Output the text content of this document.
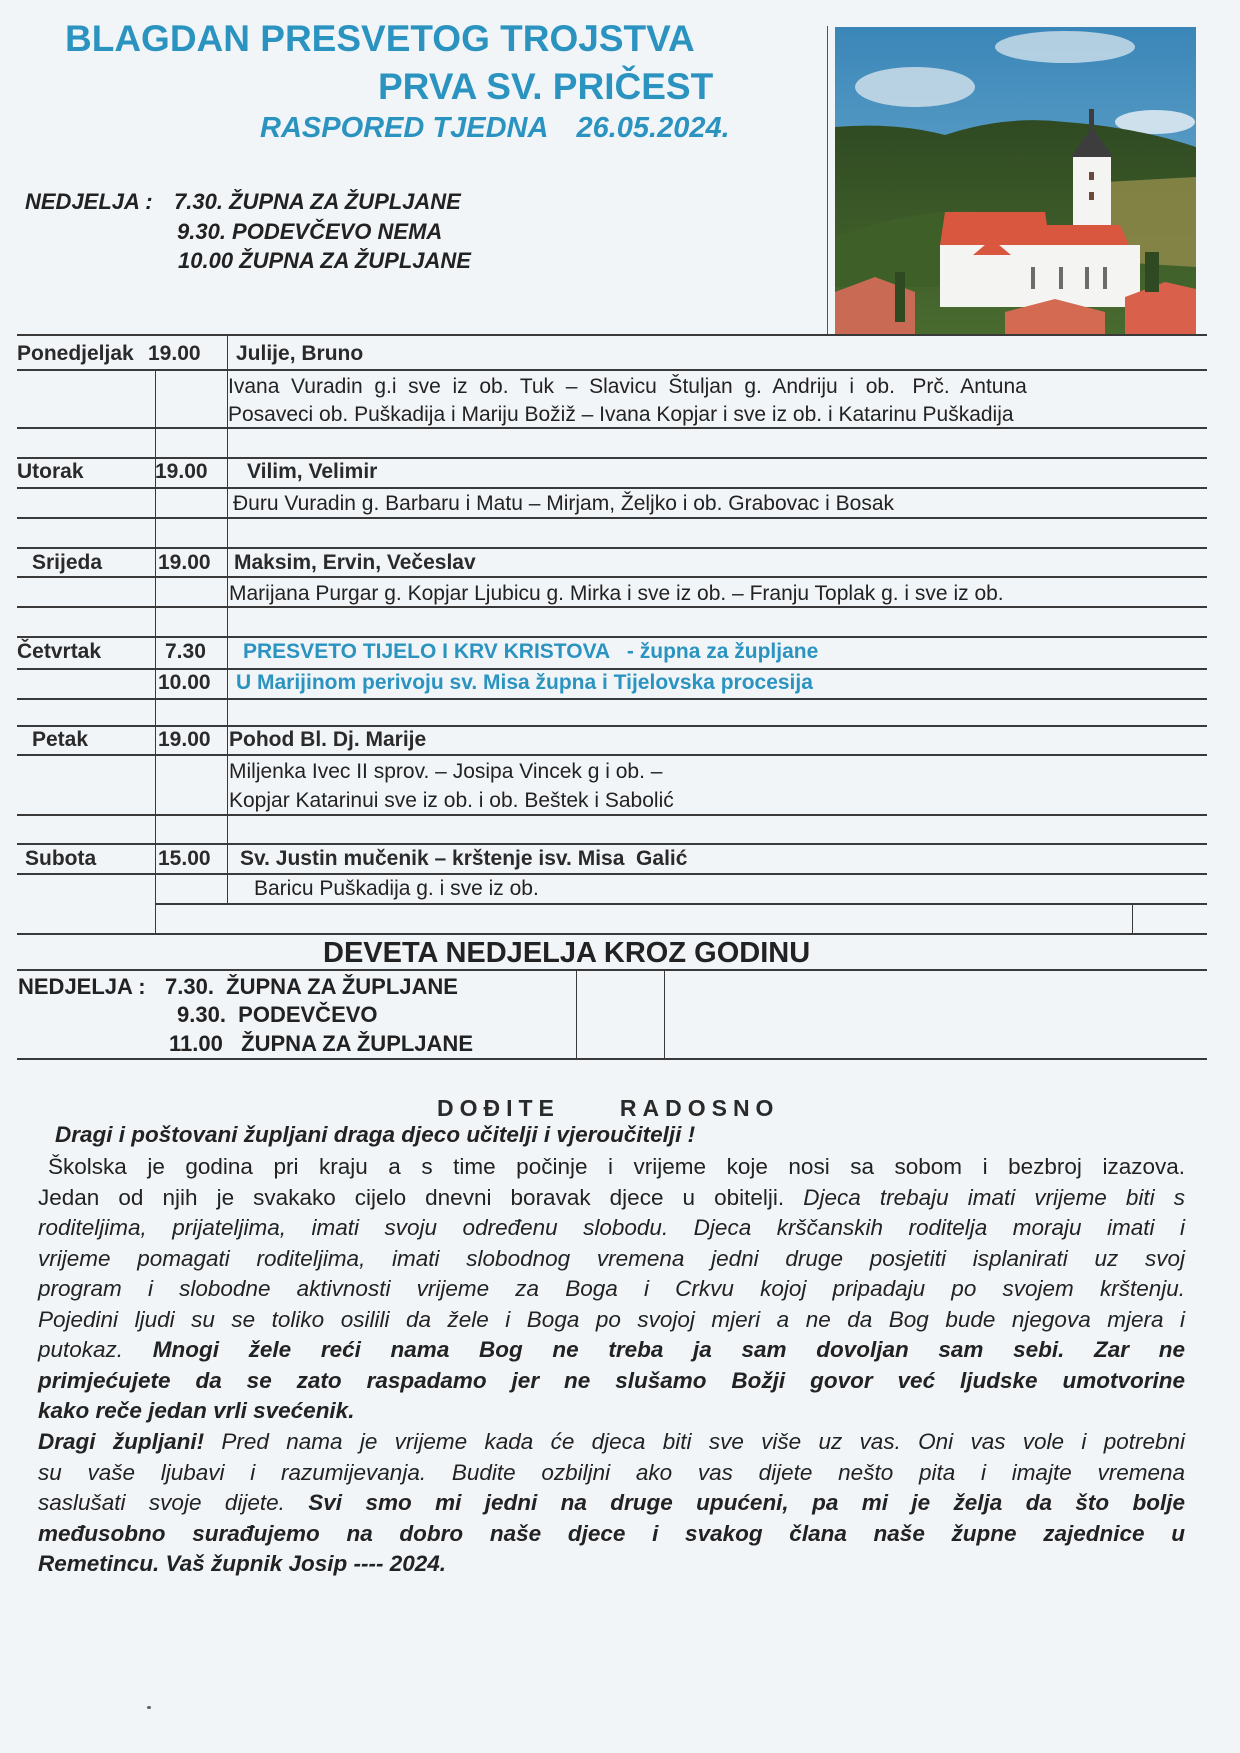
BLAGDAN PRESVETOG TROJSTVA
PRVA SV. PRIČEST
RASPORED TJEDNA 26.05.2024.
NEDJELJA : 7.30. ŽUPNA ZA ŽUPLJANE
9.30. PODEVČEVO NEMA
10.00 ŽUPNA ZA ŽUPLJANE
Ponedjeljak 19.00 Julije, Bruno
Ivana  Vuradin  g.i  sve  iz  ob.  Tuk  –  Slavicu  Štuljan  g.  Andriju  i  ob.   Prč.  Antuna
Posaveci ob. Puškadija i Mariju Božiž – Ivana Kopjar i sve iz ob. i Katarinu Puškadija
Utorak	19.00 Vilim, Velimir
Đuru Vuradin g. Barbaru i Matu – Mirjam, Željko i ob. Grabovac i Bosak
Srijeda	19.00 Maksim, Ervin, Večeslav
Marijana Purgar g. Kopjar Ljubicu g. Mirka i sve iz ob. – Franju Toplak g. i sve iz ob.
Četvrtak	7.30 PRESVETO TIJELO I KRV KRISTOVA   - župna za župljane
10.00 U Marijinom perivoju sv. Misa župna i Tijelovska procesija
Petak	19.00 Pohod Bl. Dj. Marije
Miljenka Ivec II sprov. – Josipa Vincek g i ob. –
Kopjar Katarinui sve iz ob. i ob. Beštek i Sabolić
Subota	15.00 Sv. Justin mučenik – krštenje isv. Misa  Galić
Baricu Puškadija g. i sve iz ob.
DEVETA NEDJELJA KROZ GODINU
NEDJELJA : 7.30.  ŽUPNA ZA ŽUPLJANE
9.30.  PODEVČEVO
11.00   ŽUPNA ZA ŽUPLJANE
DOĐITE	RADOSNO
Dragi i poštovani župljani draga djeco učitelji i vjeroučitelji !
Školska je godina pri kraju a s time počinje i vrijeme koje nosi sa sobom i bezbroj izazova.
Jedan od njih je svakako cijelo dnevni boravak djece u obitelji. Djeca trebaju imati vrijeme biti s
roditeljima, prijateljima, imati svoju određenu slobodu. Djeca krščanskih roditelja moraju imati i
vrijeme pomagati roditeljima, imati slobodnog vremena jedni druge posjetiti isplanirati uz svoj
program i slobodne aktivnosti vrijeme za Boga i Crkvu kojoj pripadaju po svojem krštenju.
Pojedini ljudi su se toliko osilili da žele i Boga po svojoj mjeri a ne da Bog bude njegova mjera i
putokaz. Mnogi želе reći nama Bog ne treba ja sam dovoljan sam sebi. Zar ne
primjećujete da se zato raspadamo jer ne slušamo Božji govor već ljudske umotvorine
kako reče jedan vrli svećenik.
Dragi župljani! Pred nama je vrijeme kada će djeca biti sve više uz vas. Oni vas vole i potrebni
su vaše ljubavi i razumijevanja. Budite ozbiljni ako vas dijete nešto pita i imajte vremena
saslušati svoje dijete. Svi smo mi jedni na druge upućeni, pa mi je želja da što bolje
međusobno surađujemo na dobro naše djece i svakog člana naše župne zajednice u
Remetincu. Vaš župnik Josip ---- 2024.
